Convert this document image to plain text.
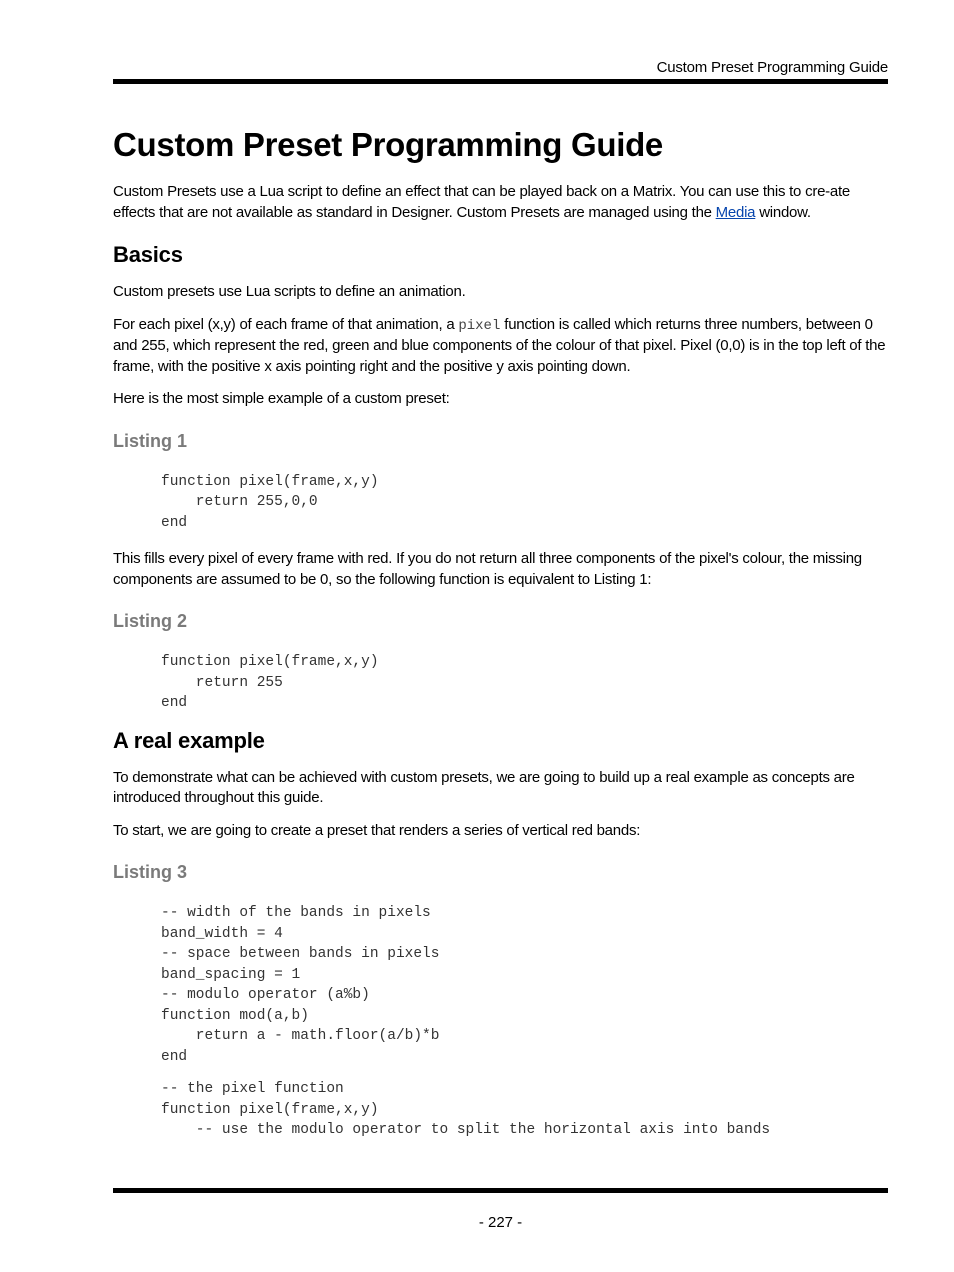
Custom Preset Programming Guide
Custom Preset Programming Guide

Custom Presets use a Lua script to define an effect that can be played back on a Matrix. You can use this to cre-ate effects that are not available as standard in Designer. Custom Presets are managed using the Media window.

Basics

Custom presets use Lua scripts to define an animation.

For each pixel (x,y) of each frame of that animation, a pixel function is called which returns three numbers, between 0 and 255, which represent the red, green and blue components of the colour of that pixel. Pixel (0,0) is in the top left of the frame, with the positive x axis pointing right and the positive y axis pointing down.

Here is the most simple example of a custom preset:

Listing 1
function pixel(frame,x,y)
return 255,0,0
end

This fills every pixel of every frame with red. If you do not return all three components of the pixel's colour, the missing components are assumed to be 0, so the following function is equivalent to Listing 1:

Listing 2
function pixel(frame,x,y)
return 255
end
A real example

To demonstrate what can be achieved with custom presets, we are going to build up a real example as concepts are introduced throughout this guide.

To start, we are going to create a preset that renders a series of vertical red bands:

Listing 3
-- width of the bands in pixels
band_width = 4
-- space between bands in pixels
band_spacing = 1
-- modulo operator (a%b)
function mod(a,b)
return a - math.floor(a/b)*b
end
-- the pixel function
function pixel(frame,x,y)
-- use the modulo operator to split the horizontal axis into bands
- 227 -
